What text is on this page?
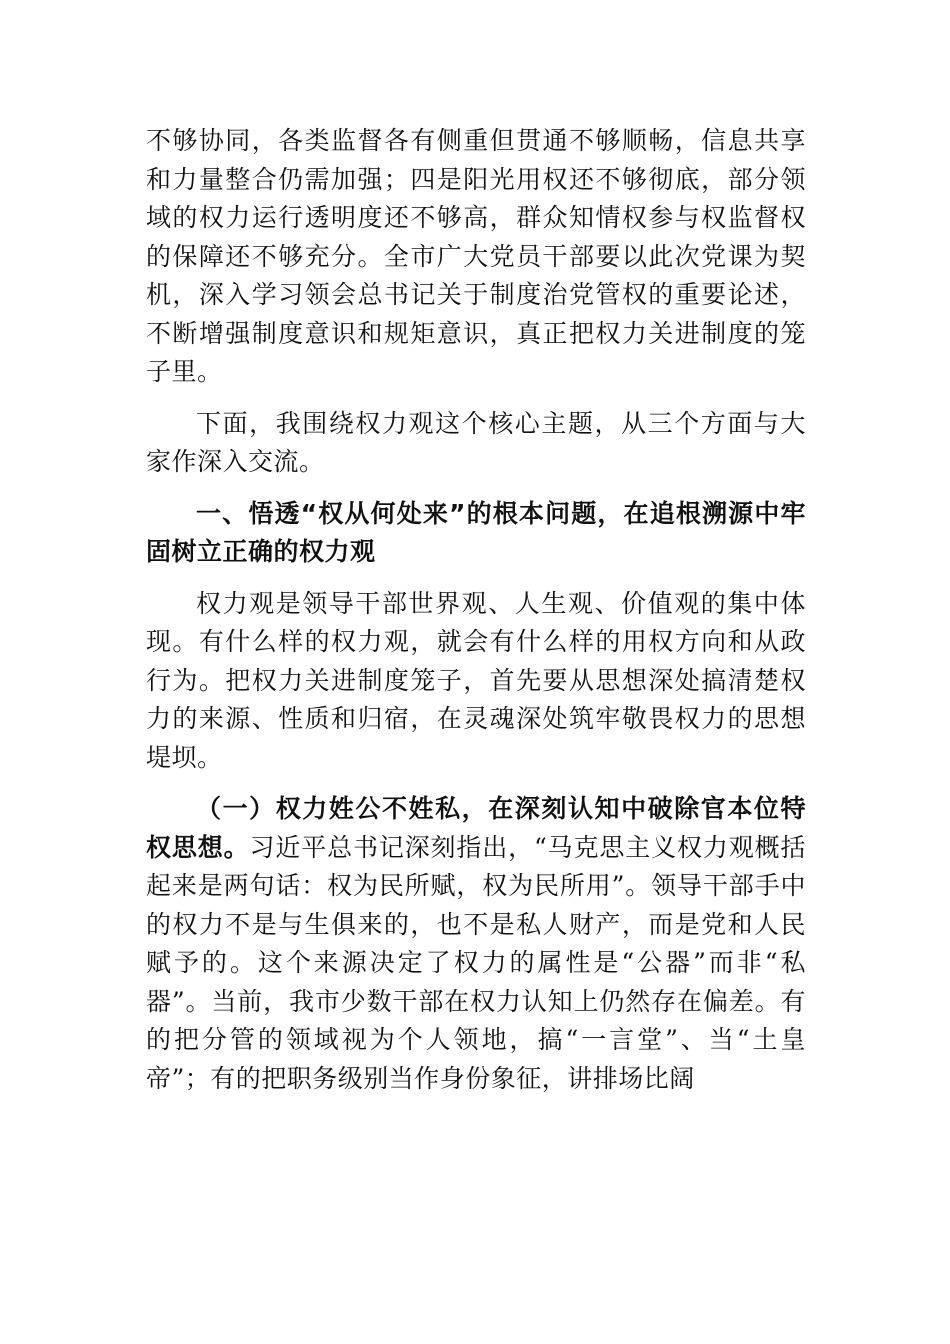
不够协同，各类监督各有侧重但贯通不够顺畅，信息共享和力量整合仍需加强；四是阳光用权还不够彻底，部分领域的权力运行透明度还不够高，群众知情权参与权监督权的保障还不够充分。全市广大党员干部要以此次党课为契机，深入学习领会总书记关于制度治党管权的重要论述，不断增强制度意识和规矩意识，真正把权力关进制度的笼子里。

下面，我围绕权力观这个核心主题，从三个方面与大家作深入交流。

一、悟透“权从何处来”的根本问题，在追根溯源中牢固树立正确的权力观

权力观是领导干部世界观、人生观、价值观的集中体现。有什么样的权力观，就会有什么样的用权方向和从政行为。把权力关进制度笼子，首先要从思想深处搞清楚权力的来源、性质和归宿，在灵魂深处筑牢敬畏权力的思想堤坝。

（一）权力姓公不姓私，在深刻认知中破除官本位特权思想。习近平总书记深刻指出，“马克思主义权力观概括起来是两句话：权为民所赋，权为民所用”。领导干部手中的权力不是与生俱来的，也不是私人财产，而是党和人民赋予的。这个来源决定了权力的属性是“公器”而非“私器”。当前，我市少数干部在权力认知上仍然存在偏差。有的把分管的领域视为个人领地，搞“一言堂”、当“土皇帝”；有的把职务级别当作身份象征，讲排场比阔
